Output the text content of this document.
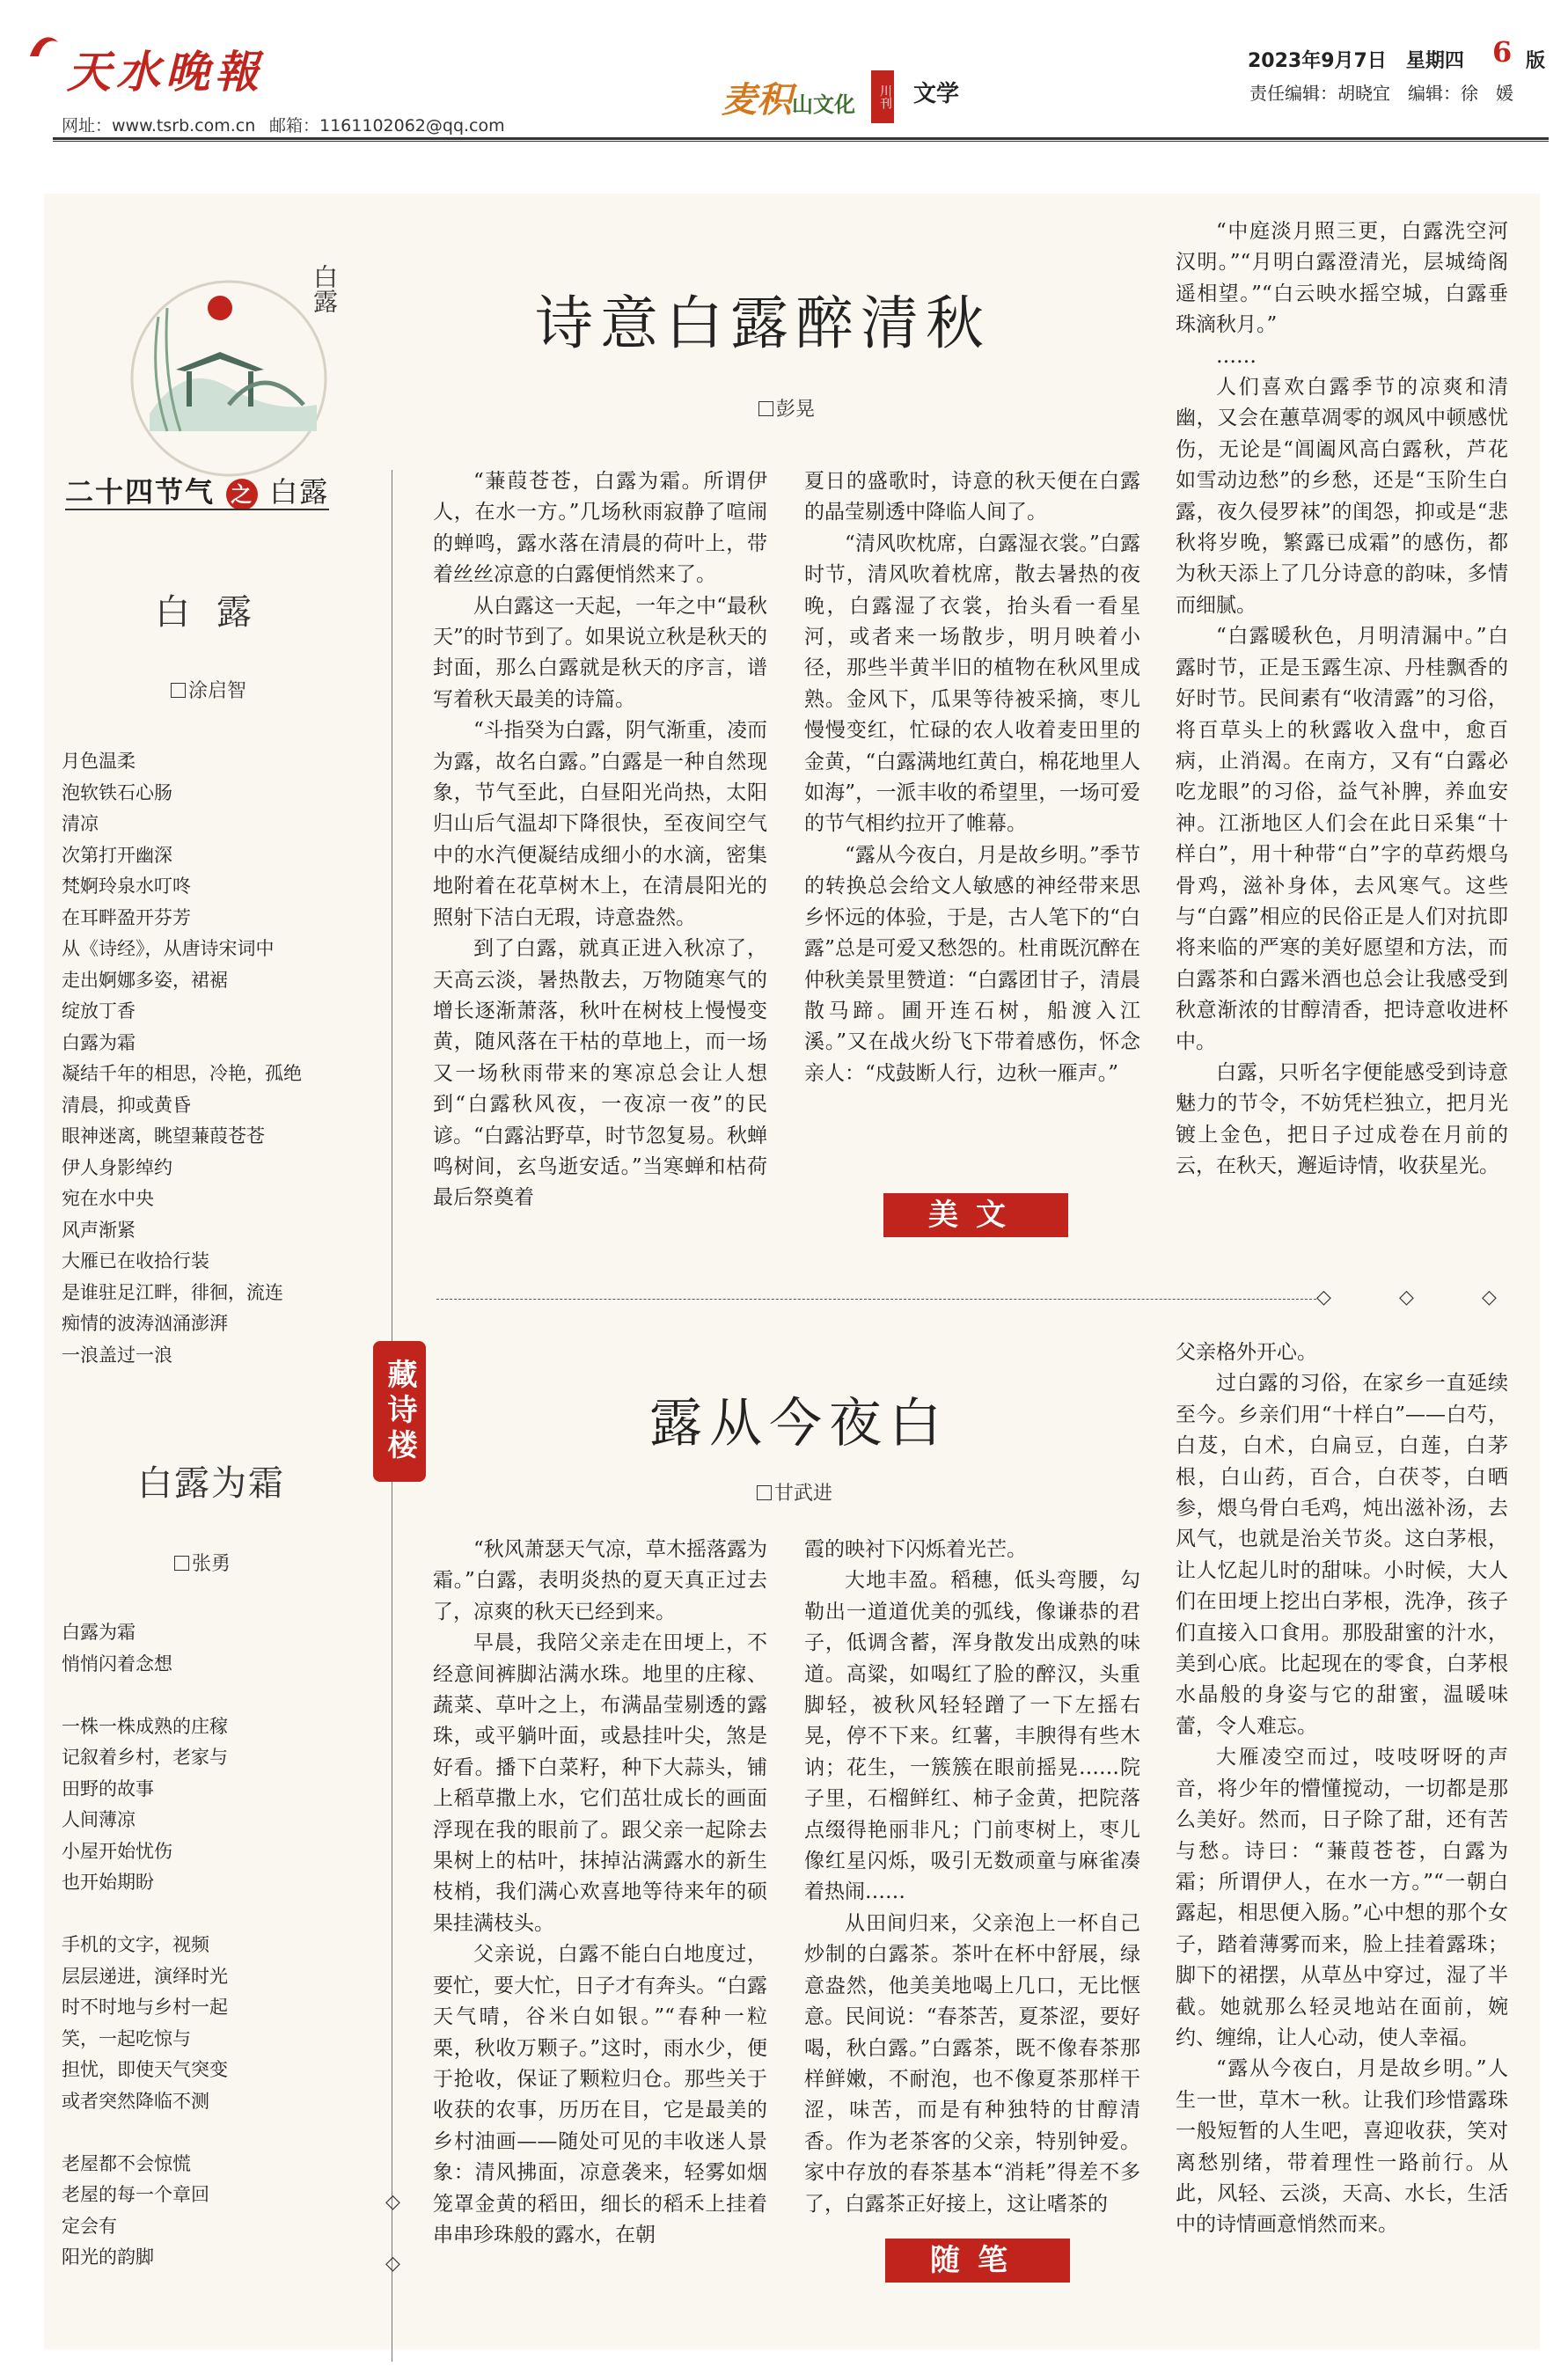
天水晚報
网址：www.tsrb.com.cn 邮箱：1161102062@qq.com
麦积山文化	川刊 文学
2023年9月7日　星期四 6 版
责任编辑：胡晓宜　编辑：徐　媛
白露
二十四节气 之 白露
白露
涂启智
月色温柔
泡软铁石心肠
清凉
次第打开幽深
梵婀玲泉水叮咚
在耳畔盈开芬芳
从《诗经》，从唐诗宋词中
走出婀娜多姿，裙裾
绽放丁香
白露为霜
凝结千年的相思，冷艳，孤绝
清晨，抑或黄昏
眼神迷离，眺望蒹葭苍苍
伊人身影绰约
宛在水中央
风声渐紧
大雁已在收拾行装
是谁驻足江畔，徘徊，流连
痴情的波涛汹涌澎湃
一浪盖过一浪
藏诗楼
白露为霜
张勇
白露为霜
悄悄闪着念想

一株一株成熟的庄稼
记叙着乡村，老家与
田野的故事
人间薄凉
小屋开始忧伤
也开始期盼

手机的文字，视频
层层递进，演绎时光
时不时地与乡村一起
笑，一起吃惊与
担忧，即使天气突变
或者突然降临不测

老屋都不会惊慌
老屋的每一个章回
定会有
阳光的韵脚
诗意白露醉清秋
彭晃

“蒹葭苍苍，白露为霜。所谓伊人，在水一方。”几场秋雨寂静了喧闹的蝉鸣，露水落在清晨的荷叶上，带着丝丝凉意的白露便悄然来了。

从白露这一天起，一年之中“最秋天”的时节到了。如果说立秋是秋天的封面，那么白露就是秋天的序言，谱写着秋天最美的诗篇。

“斗指癸为白露，阴气渐重，凌而为露，故名白露。”白露是一种自然现象，节气至此，白昼阳光尚热，太阳归山后气温却下降很快，至夜间空气中的水汽便凝结成细小的水滴，密集地附着在花草树木上，在清晨阳光的照射下洁白无瑕，诗意盎然。

到了白露，就真正进入秋凉了，天高云淡，暑热散去，万物随寒气的增长逐渐萧落，秋叶在树枝上慢慢变黄，随风落在干枯的草地上，而一场又一场秋雨带来的寒凉总会让人想到“白露秋风夜，一夜凉一夜”的民谚。“白露沾野草，时节忽复易。秋蝉鸣树间，玄鸟逝安适。”当寒蝉和枯荷最后祭奠着

夏日的盛歌时，诗意的秋天便在白露的晶莹剔透中降临人间了。

“清风吹枕席，白露湿衣裳。”白露时节，清风吹着枕席，散去暑热的夜晚，白露湿了衣裳，抬头看一看星河，或者来一场散步，明月映着小径，那些半黄半旧的植物在秋风里成熟。金风下，瓜果等待被采摘，枣儿慢慢变红，忙碌的农人收着麦田里的金黄，“白露满地红黄白，棉花地里人如海”，一派丰收的希望里，一场可爱的节气相约拉开了帷幕。

“露从今夜白，月是故乡明。”季节的转换总会给文人敏感的神经带来思乡怀远的体验，于是，古人笔下的“白露”总是可爱又愁怨的。杜甫既沉醉在仲秋美景里赞道：“白露团甘子，清晨散马蹄。圃开连石树，船渡入江溪。”又在战火纷飞下带着感伤，怀念亲人：“戍鼓断人行，边秋一雁声。”

“中庭淡月照三更，白露洗空河汉明。”“月明白露澄清光，层城绮阁遥相望。”“白云映水摇空城，白露垂珠滴秋月。”

……

人们喜欢白露季节的凉爽和清幽，又会在蕙草凋零的飒风中顿感忧伤，无论是“阊阖风高白露秋，芦花如雪动边愁”的乡愁，还是“玉阶生白露，夜久侵罗袜”的闺怨，抑或是“悲秋将岁晚，繁露已成霜”的感伤，都为秋天添上了几分诗意的韵味，多情而细腻。

“白露暖秋色，月明清漏中。”白露时节，正是玉露生凉、丹桂飘香的好时节。民间素有“收清露”的习俗，将百草头上的秋露收入盘中，愈百病，止消渴。在南方，又有“白露必吃龙眼”的习俗，益气补脾，养血安神。江浙地区人们会在此日采集“十样白”，用十种带“白”字的草药煨乌骨鸡，滋补身体，去风寒气。这些与“白露”相应的民俗正是人们对抗即将来临的严寒的美好愿望和方法，而白露茶和白露米酒也总会让我感受到秋意渐浓的甘醇清香，把诗意收进杯中。

白露，只听名字便能感受到诗意魅力的节令，不妨凭栏独立，把月光镀上金色，把日子过成卷在月前的云，在秋天，邂逅诗情，收获星光。

美文
◇	◇	◇
露从今夜白
甘武进

“秋风萧瑟天气凉，草木摇落露为霜。”白露，表明炎热的夏天真正过去了，凉爽的秋天已经到来。

早晨，我陪父亲走在田埂上，不经意间裤脚沾满水珠。地里的庄稼、蔬菜、草叶之上，布满晶莹剔透的露珠，或平躺叶面，或悬挂叶尖，煞是好看。播下白菜籽，种下大蒜头，铺上稻草撒上水，它们茁壮成长的画面浮现在我的眼前了。跟父亲一起除去果树上的枯叶，抹掉沾满露水的新生枝梢，我们满心欢喜地等待来年的硕果挂满枝头。

父亲说，白露不能白白地度过，要忙，要大忙，日子才有奔头。“白露天气晴，谷米白如银。”“春种一粒栗，秋收万颗子。”这时，雨水少，便于抢收，保证了颗粒归仓。那些关于收获的农事，历历在目，它是最美的乡村油画——随处可见的丰收迷人景象：清风拂面，凉意袭来，轻雾如烟笼罩金黄的稻田，细长的稻禾上挂着串串珍珠般的露水，在朝

霞的映衬下闪烁着光芒。

大地丰盈。稻穗，低头弯腰，勾勒出一道道优美的弧线，像谦恭的君子，低调含蓄，浑身散发出成熟的味道。高粱，如喝红了脸的醉汉，头重脚轻，被秋风轻轻蹭了一下左摇右晃，停不下来。红薯，丰腴得有些木讷；花生，一簇簇在眼前摇晃……院子里，石榴鲜红、柿子金黄，把院落点缀得艳丽非凡；门前枣树上，枣儿像红星闪烁，吸引无数顽童与麻雀凑着热闹……

从田间归来，父亲泡上一杯自己炒制的白露茶。茶叶在杯中舒展，绿意盎然，他美美地喝上几口，无比惬意。民间说：“春茶苦，夏茶涩，要好喝，秋白露。”白露茶，既不像春茶那样鲜嫩，不耐泡，也不像夏茶那样干涩，味苦，而是有种独特的甘醇清香。作为老茶客的父亲，特别钟爱。家中存放的春茶基本“消耗”得差不多了，白露茶正好接上，这让嗜茶的

父亲格外开心。

过白露的习俗，在家乡一直延续至今。乡亲们用“十样白”——白芍，白芨，白术，白扁豆，白莲，白茅根，白山药，百合，白茯苓，白晒参，煨乌骨白毛鸡，炖出滋补汤，去风气，也就是治关节炎。这白茅根，让人忆起儿时的甜味。小时候，大人们在田埂上挖出白茅根，洗净，孩子们直接入口食用。那股甜蜜的汁水，美到心底。比起现在的零食，白茅根水晶般的身姿与它的甜蜜，温暖味蕾，令人难忘。

大雁凌空而过，吱吱呀呀的声音，将少年的懵懂搅动，一切都是那么美好。然而，日子除了甜，还有苦与愁。诗曰：“蒹葭苍苍，白露为霜；所谓伊人，在水一方。”“一朝白露起，相思便入肠。”心中想的那个女子，踏着薄雾而来，脸上挂着露珠；脚下的裙摆，从草丛中穿过，湿了半截。她就那么轻灵地站在面前，婉约、缠绵，让人心动，使人幸福。

“露从今夜白，月是故乡明。”人生一世，草木一秋。让我们珍惜露珠一般短暂的人生吧，喜迎收获，笑对离愁别绪，带着理性一路前行。从此，风轻、云淡，天高、水长，生活中的诗情画意悄然而来。

随笔
◇
◇
